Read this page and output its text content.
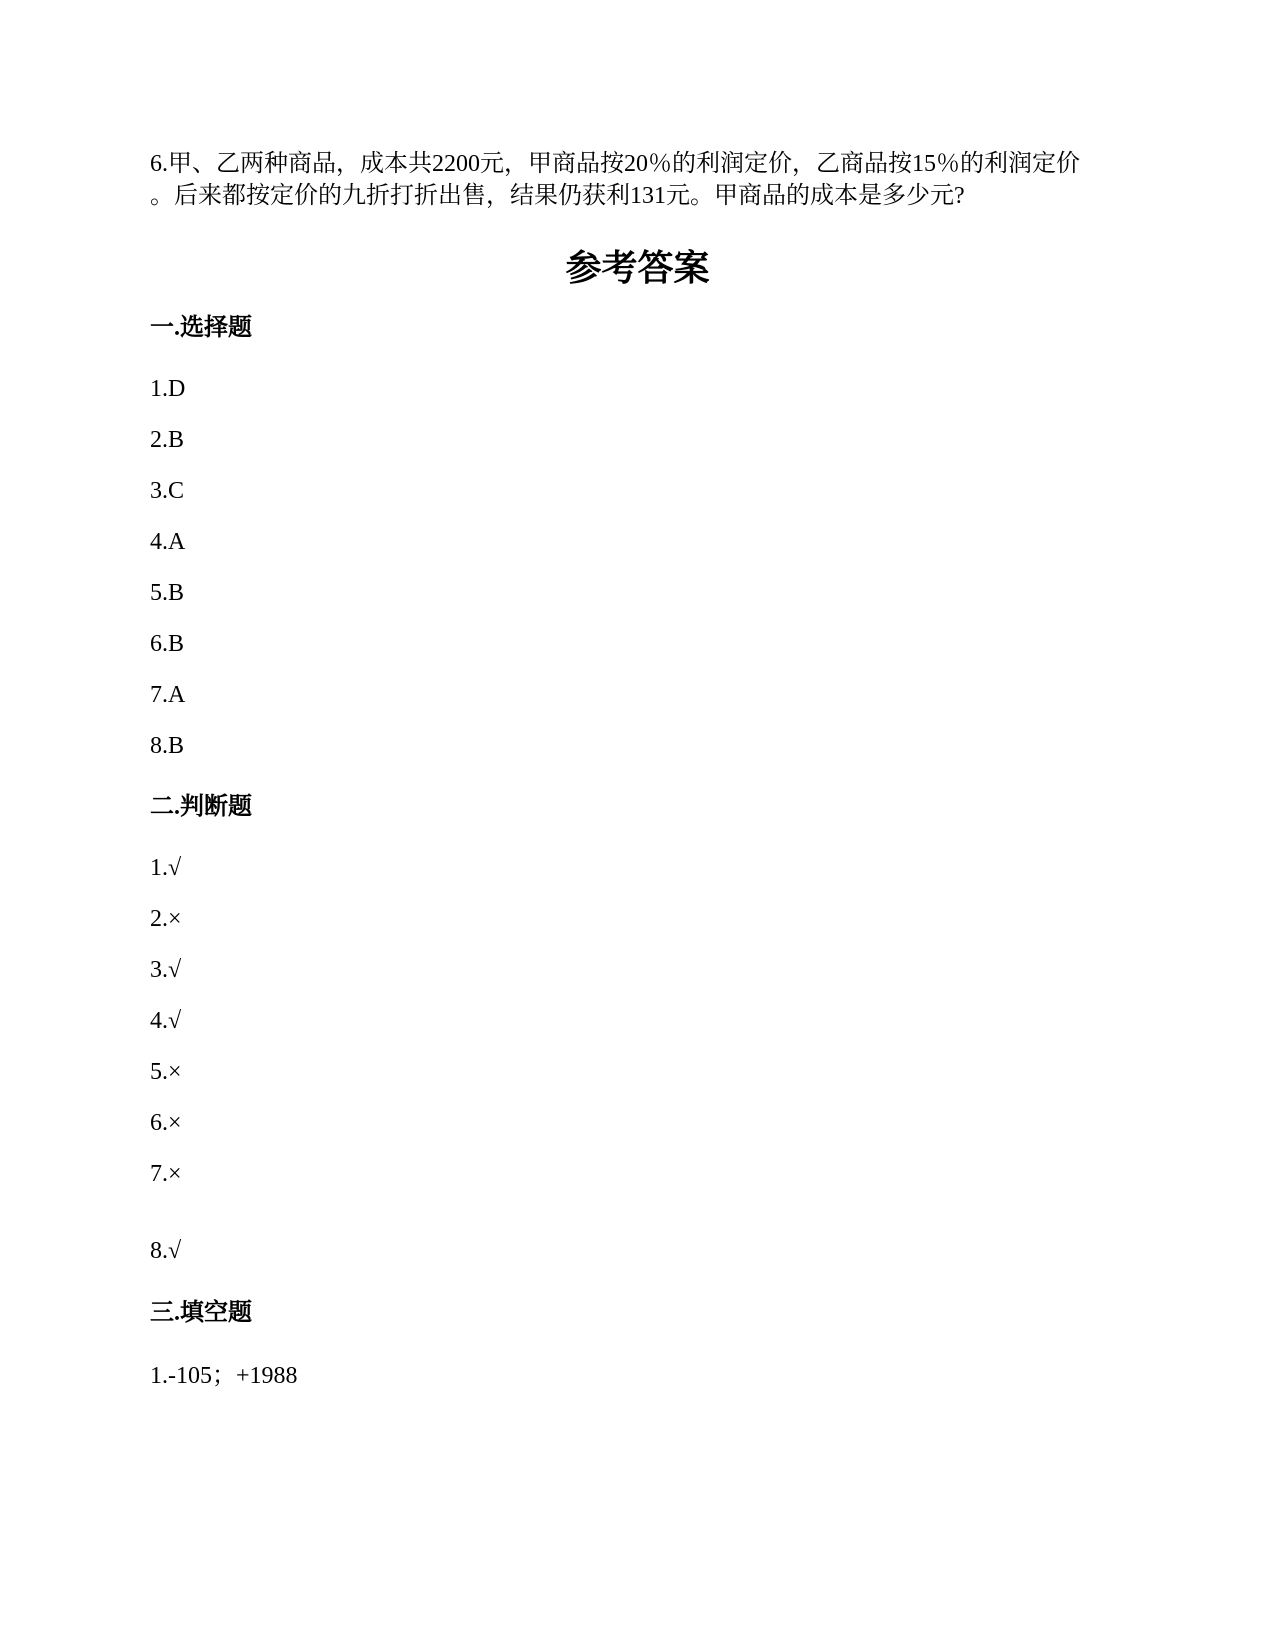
6.甲、乙两种商品，成本共2200元，甲商品按20％的利润定价，乙商品按15％的利润定价

。后来都按定价的九折打折出售，结果仍获利131元。甲商品的成本是多少元?

参考答案
一.选择题
1.D
2.B
3.C
4.A
5.B
6.B
7.A
8.B
二.判断题
1.√
2.×
3.√
4.√
5.×
6.×
7.×
8.√
三.填空题
1.-105；+1988
